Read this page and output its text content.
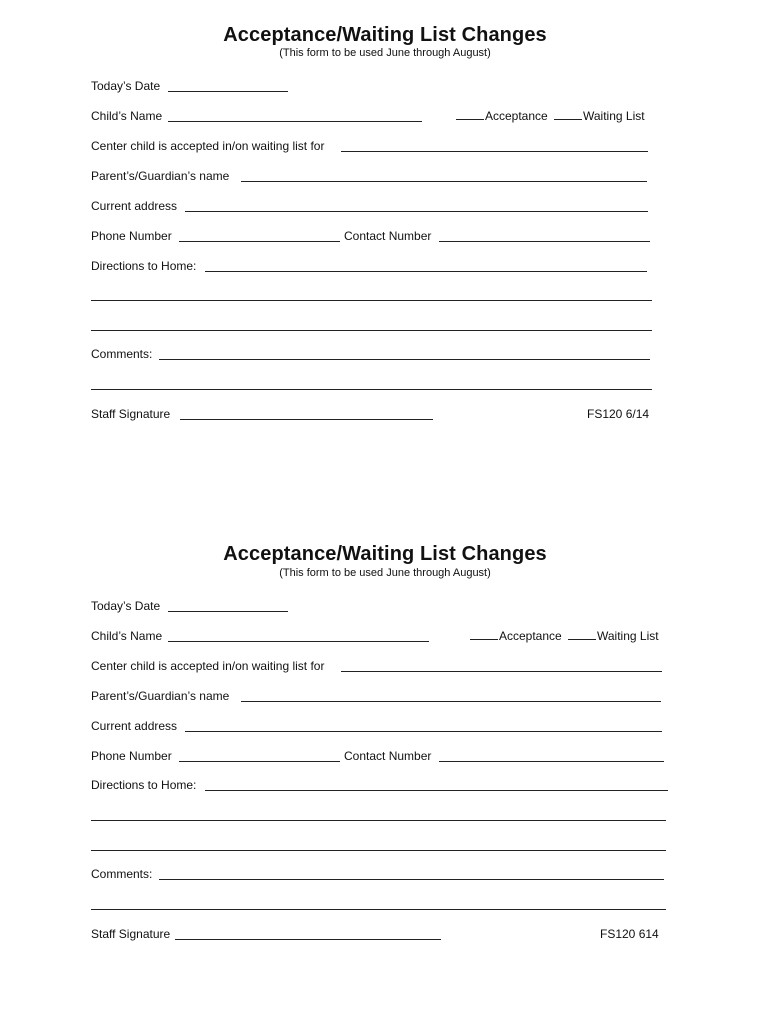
Acceptance/Waiting List Changes
(This form to be used June through August)
Today’s Date
Child’s Name	Acceptance	Waiting List
Center child is accepted in/on waiting list for
Parent’s/Guardian’s name
Current address
Phone Number	Contact Number
Directions to Home:
Comments:
Staff Signature	FS120 6/14
Acceptance/Waiting List Changes
(This form to be used June through August)
Today’s Date
Child’s Name	Acceptance	Waiting List
Center child is accepted in/on waiting list for
Parent’s/Guardian’s name
Current address
Phone Number	Contact Number
Directions to Home:
Comments:
Staff Signature	FS120 614
